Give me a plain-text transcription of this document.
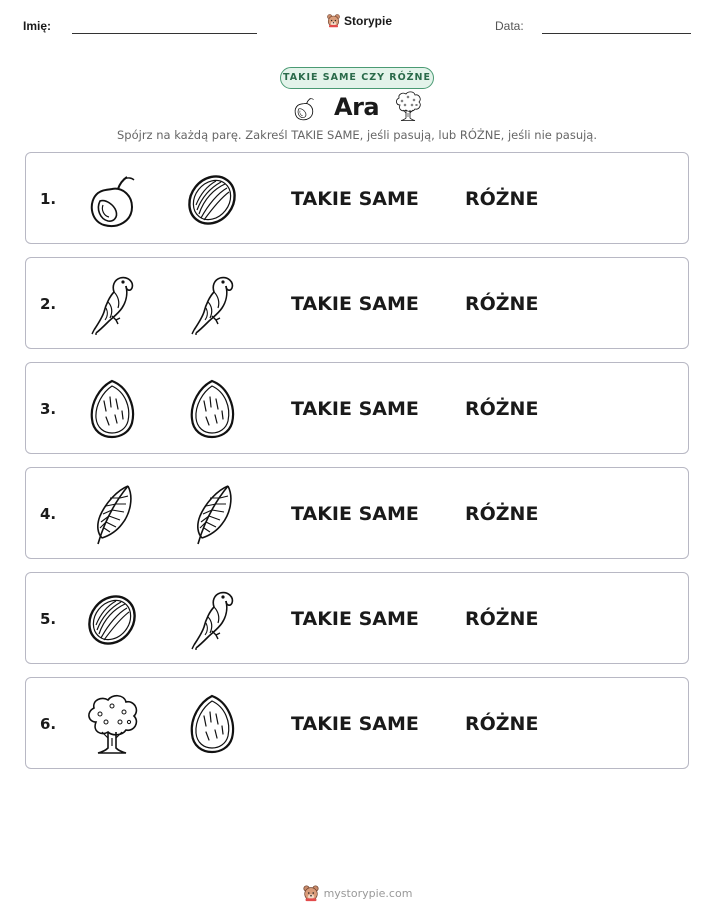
Imię:	Storypie	Data:
TAKIE SAME CZY RÓŻNE
Ara
Spójrz na każdą parę. Zakreśl TAKIE SAME, jeśli pasują, lub RÓŻNE, jeśli nie pasują.
1.	TAKIE SAME RÓŻNE
2.	TAKIE SAME RÓŻNE
3.	TAKIE SAME RÓŻNE
4.	TAKIE SAME RÓŻNE
5.	TAKIE SAME RÓŻNE
6.	TAKIE SAME RÓŻNE
mystorypie.com
